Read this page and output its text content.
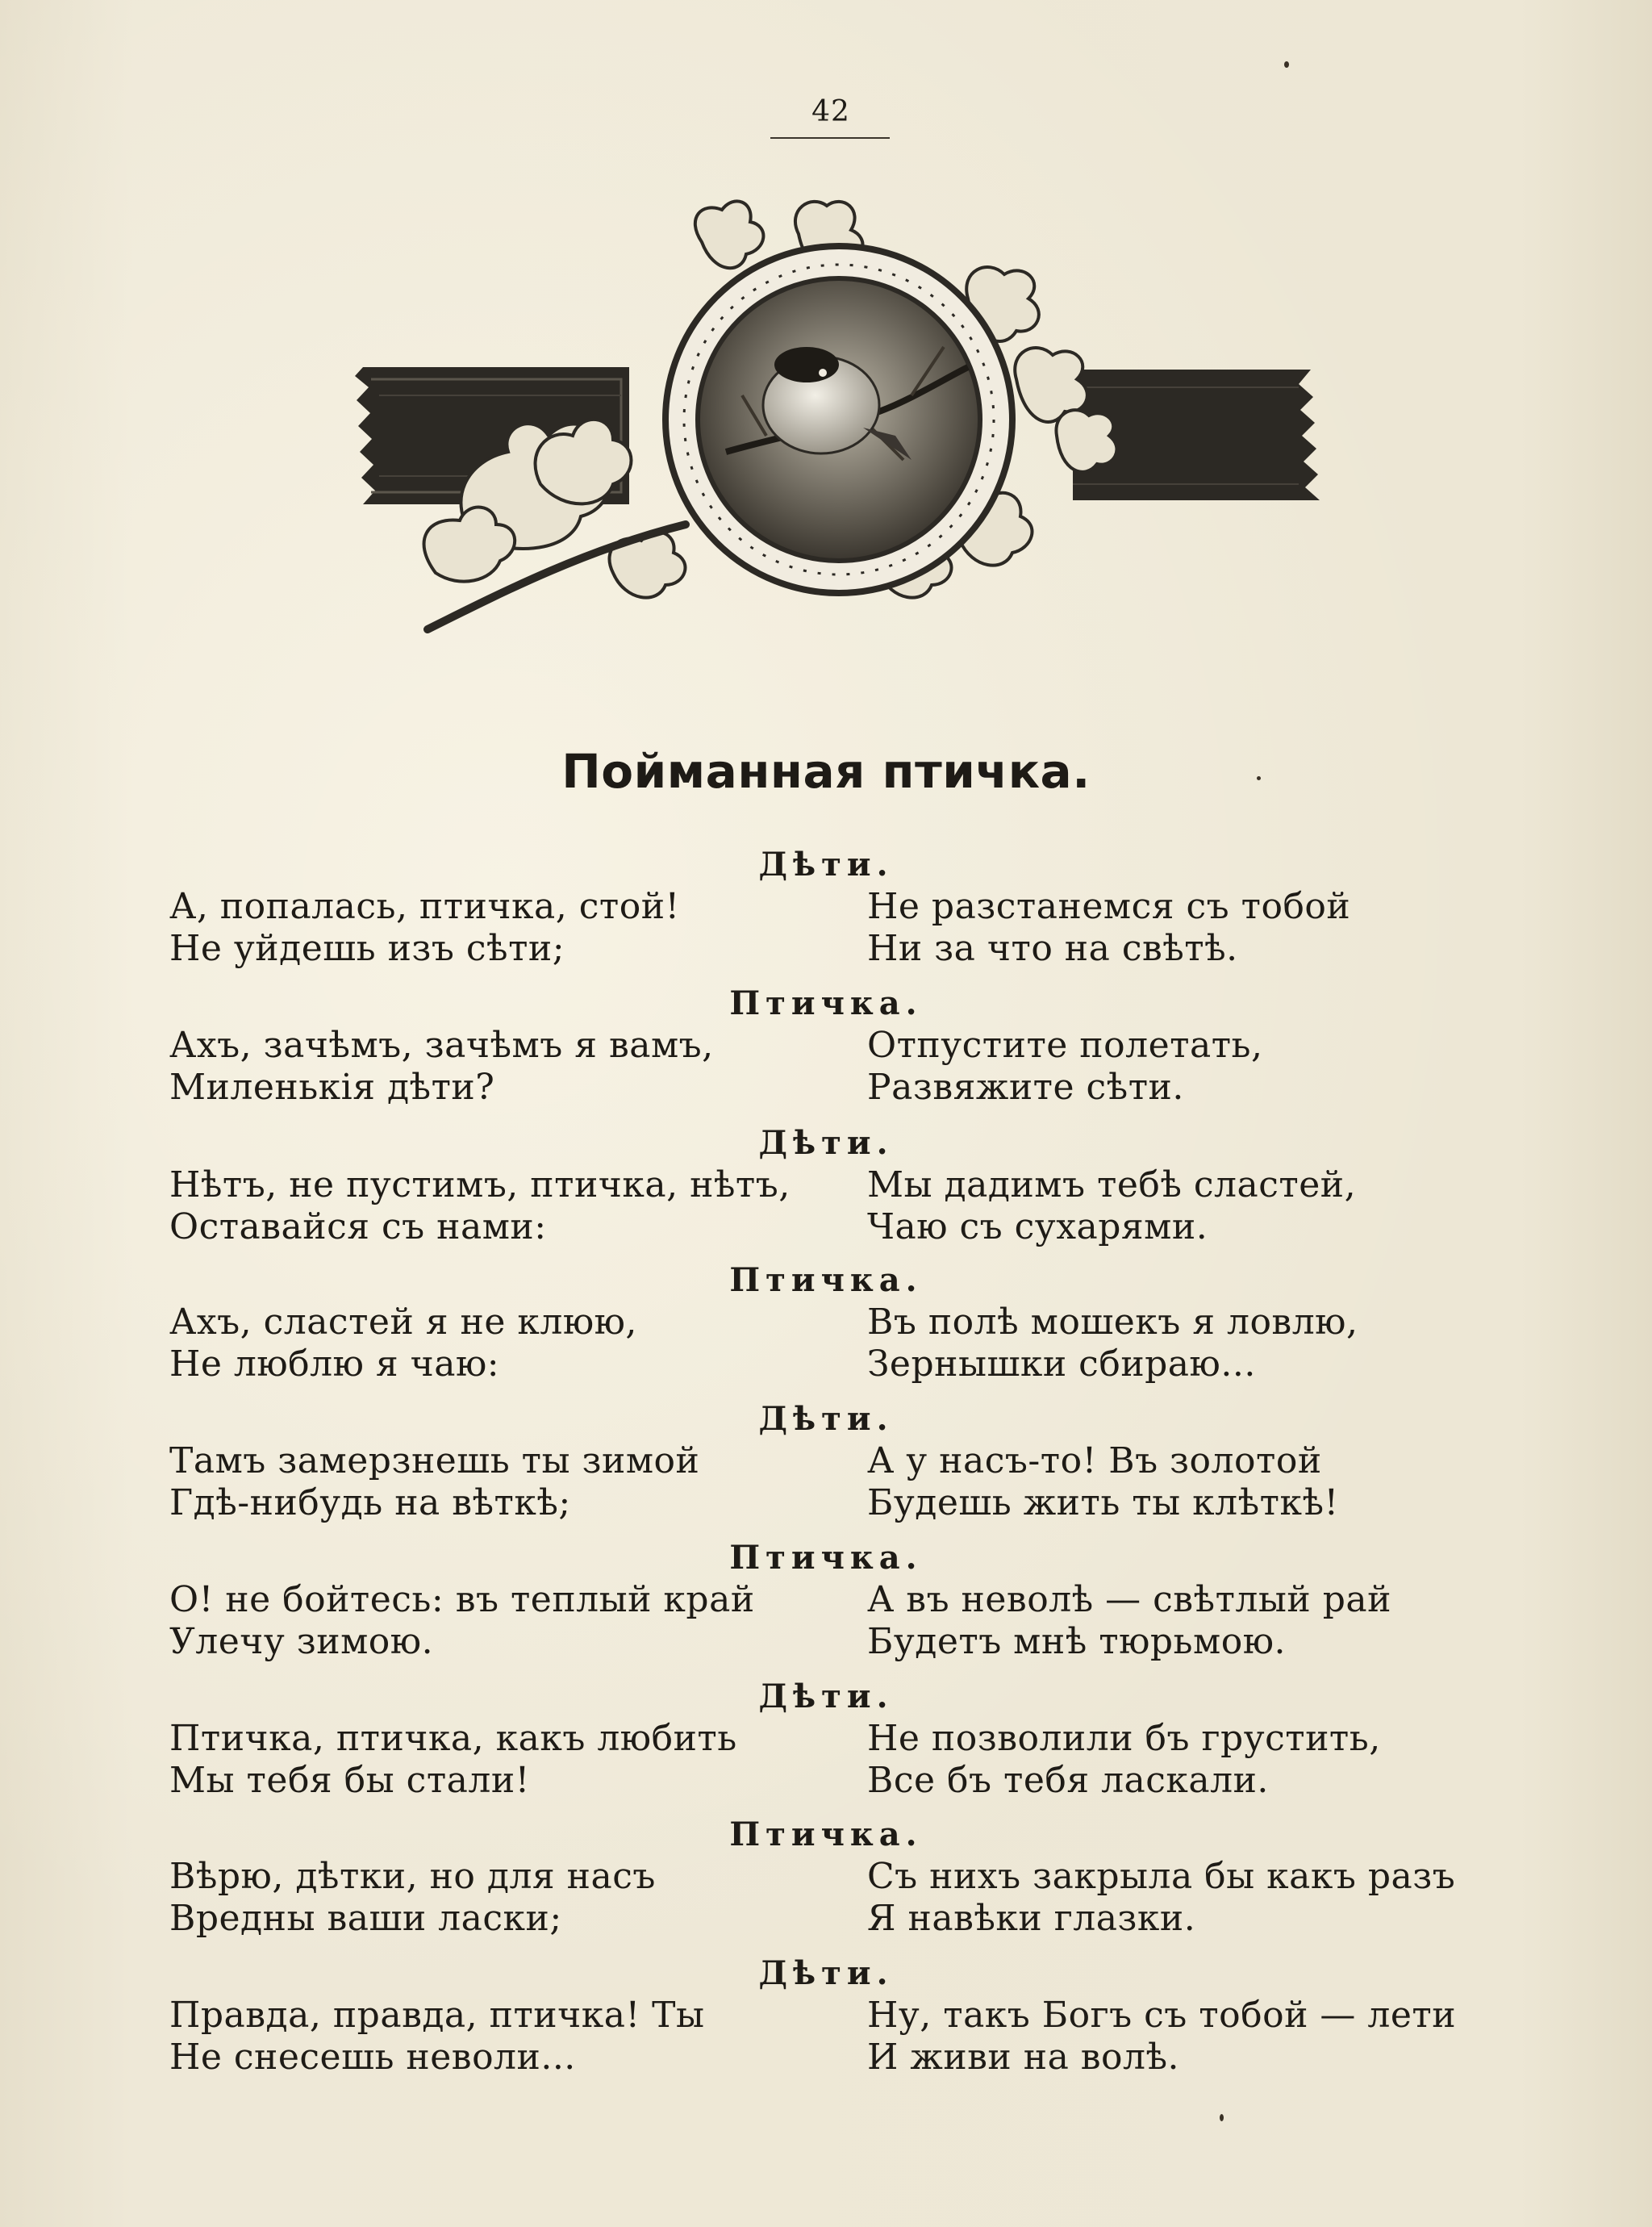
42
Пойманная птичка.
Дѣти.
А, попалась, птичка, стой!
Не уйдешь изъ сѣти;
Не разстанемся съ тобой
Ни за что на свѣтѣ.
Птичка.
Ахъ, зачѣмъ, зачѣмъ я вамъ,
Миленькія дѣти?
Отпустите полетать,
Развяжите сѣти.
Дѣти.
Нѣтъ, не пустимъ, птичка, нѣтъ,
Оставайся съ нами:
Мы дадимъ тебѣ сластей,
Чаю съ сухарями.
Птичка.
Ахъ, сластей я не клюю,
Не люблю я чаю:
Въ полѣ мошекъ я ловлю,
Зернышки сбираю...
Дѣти.
Тамъ замерзнешь ты зимой
Гдѣ-нибудь на вѣткѣ;
А у насъ-то! Въ золотой
Будешь жить ты клѣткѣ!
Птичка.
О! не бойтесь: въ теплый край
Улечу зимою.
А въ неволѣ — свѣтлый рай
Будетъ мнѣ тюрьмою.
Дѣти.
Птичка, птичка, какъ любить
Мы тебя бы стали!
Не позволили бъ грустить,
Все бъ тебя ласкали.
Птичка.
Вѣрю, дѣтки, но для насъ
Вредны ваши ласки;
Съ нихъ закрыла бы какъ разъ
Я навѣки глазки.
Дѣти.
Правда, правда, птичка! Ты
Не снесешь неволи...
Ну, такъ Богъ съ тобой — лети
И живи на волѣ.
